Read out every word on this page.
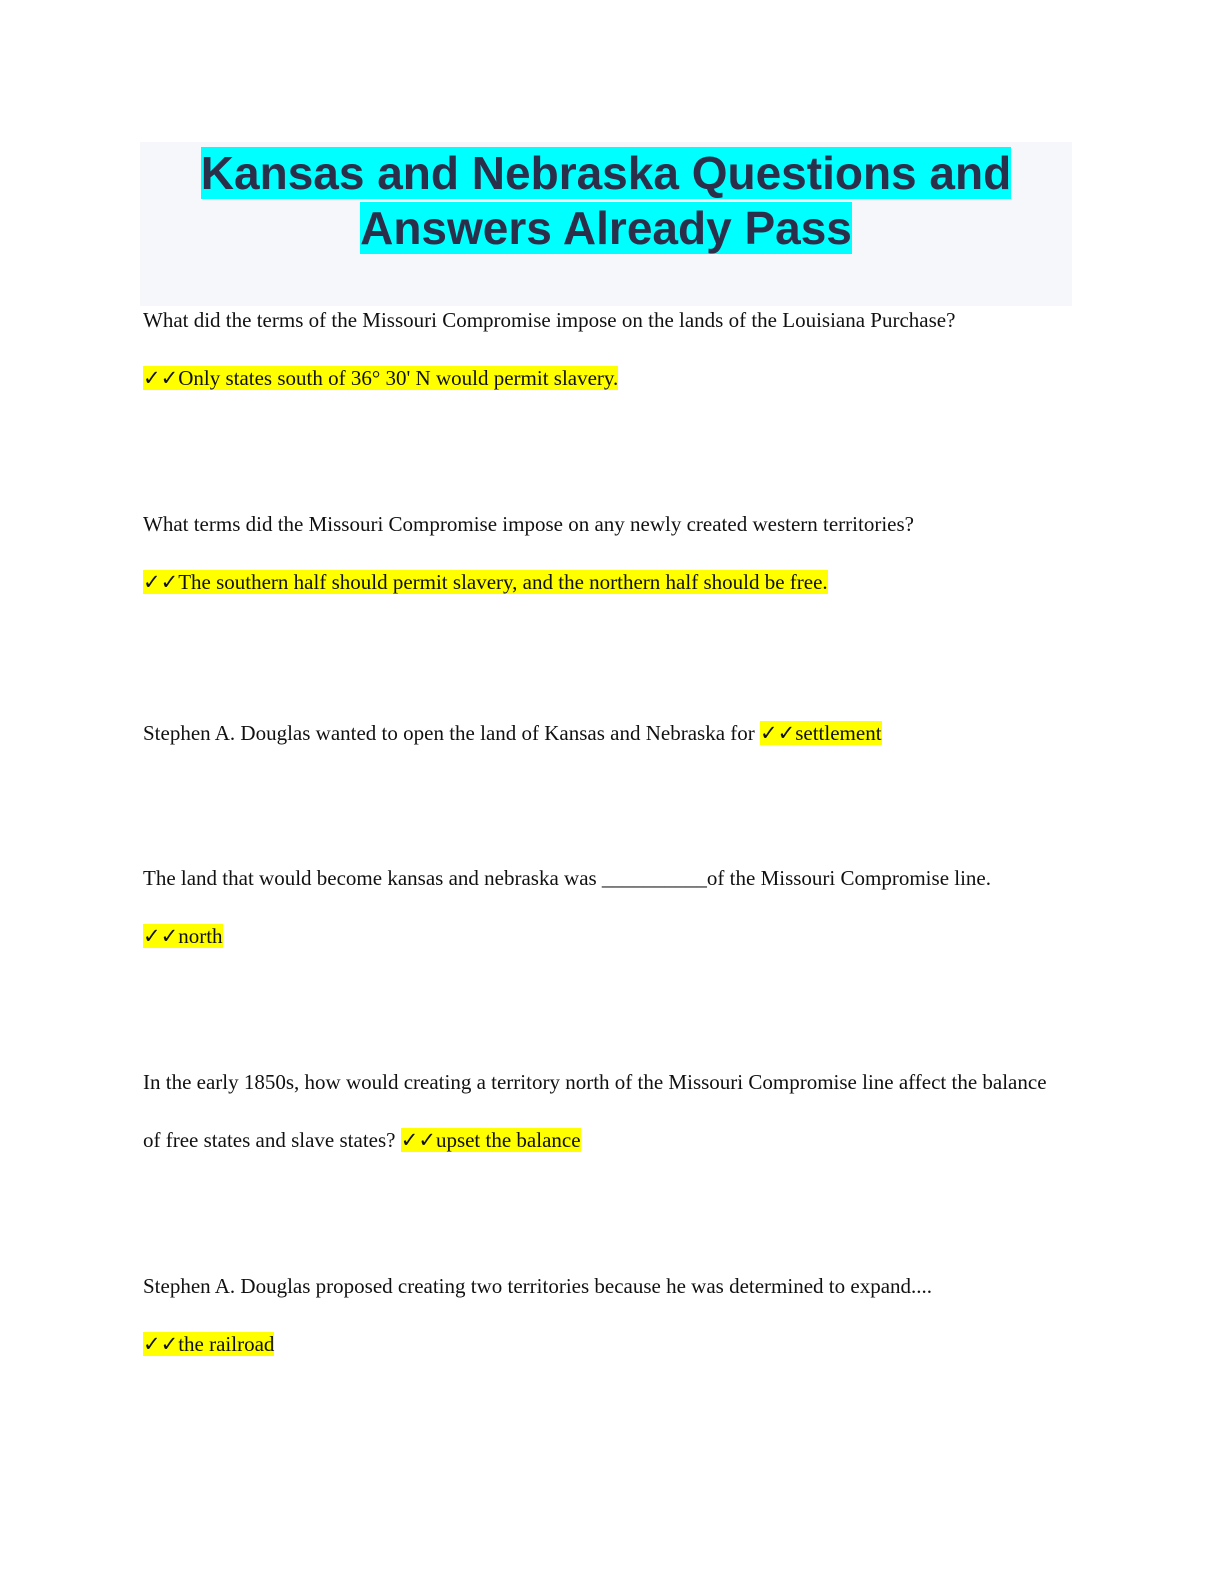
Kansas and Nebraska Questions and
Answers Already Pass

What did the terms of the Missouri Compromise impose on the lands of the Louisiana Purchase?

✓✓Only states south of 36° 30' N would permit slavery.

What terms did the Missouri Compromise impose on any newly created western territories?

✓✓The southern half should permit slavery, and the northern half should be free.

Stephen A. Douglas wanted to open the land of Kansas and Nebraska for ✓✓settlement

The land that would become kansas and nebraska was __________of the Missouri Compromise line. ✓✓north

In the early 1850s, how would creating a territory north of the Missouri Compromise line affect the balance of free states and slave states? ✓✓upset the balance

Stephen A. Douglas proposed creating two territories because he was determined to expand....

✓✓the railroad
